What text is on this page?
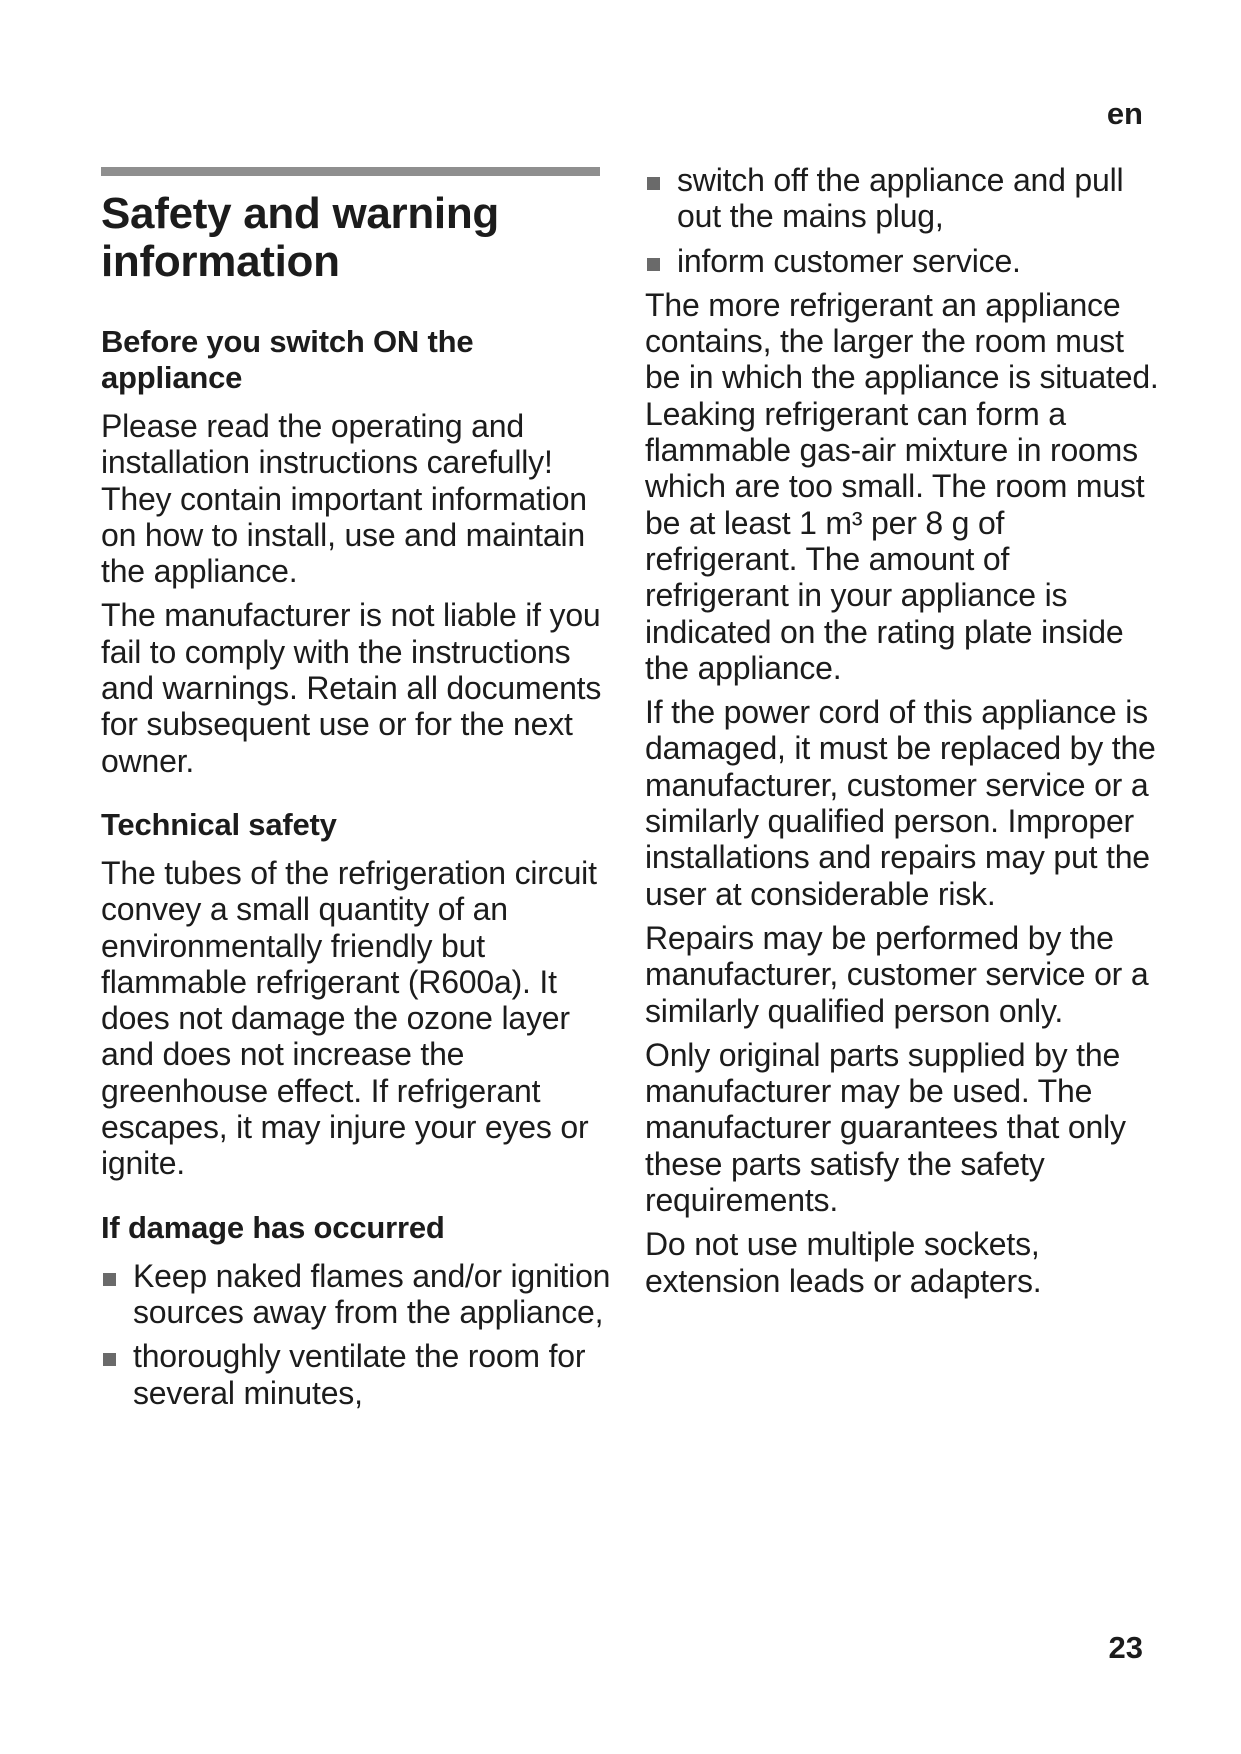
en
Safety and warning information
Before you switch ON the appliance

Please read the operating and installation instructions carefully! They contain important information on how to install, use and maintain the appliance.

The manufacturer is not liable if you fail to comply with the instructions and warnings. Retain all documents for subsequent use or for the next owner.

Technical safety

The tubes of the refrigeration circuit convey a small quantity of an environmentally friendly but flammable refrigerant (R600a). It does not damage the ozone layer and does not increase the greenhouse effect. If refrigerant escapes, it may injure your eyes or ignite.

If damage has occurred
Keep naked flames and/or ignition sources away from the appliance,
thoroughly ventilate the room for several minutes,
switch off the appliance and pull out the mains plug,
inform customer service.

The more refrigerant an appliance contains, the larger the room must be in which the appliance is situated. Leaking refrigerant can form a flammable gas-air mixture in rooms which are too small. The room must be at least 1 m³ per 8 g of refrigerant. The amount of refrigerant in your appliance is indicated on the rating plate inside the appliance.

If the power cord of this appliance is damaged, it must be replaced by the manufacturer, customer service or a similarly qualified person. Improper installations and repairs may put the user at considerable risk.

Repairs may be performed by the manufacturer, customer service or a similarly qualified person only.

Only original parts supplied by the manufacturer may be used. The manufacturer guarantees that only these parts satisfy the safety requirements.

Do not use multiple sockets, extension leads or adapters.

23
